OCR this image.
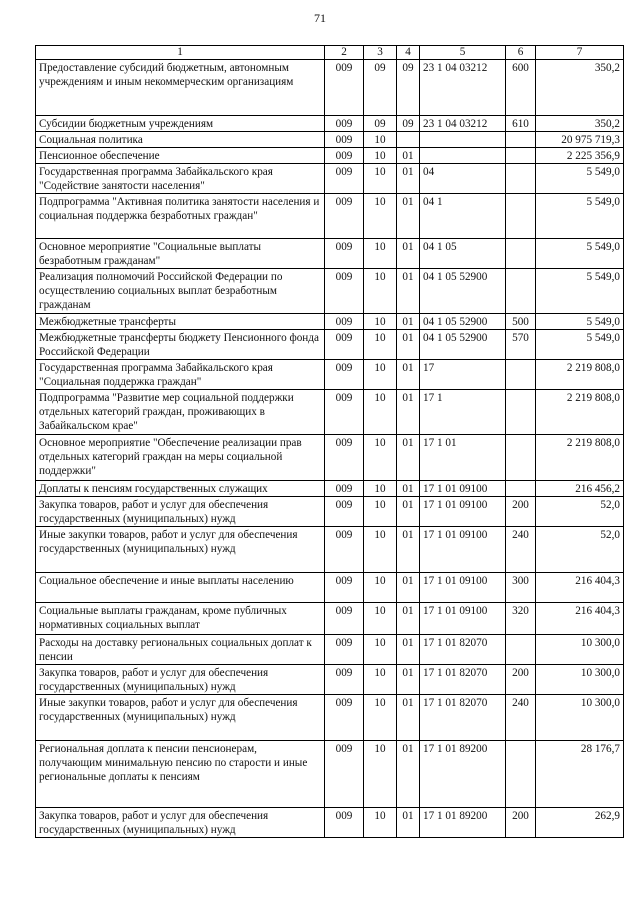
71
1	2	3	4	5	6	7
Предоставление субсидий бюджетным, автономным учреждениям и иным некоммерческим организациям	009	09	09	23 1 04 03212	600	350,2
Субсидии бюджетным учреждениям	009	09	09	23 1 04 03212	610	350,2
Социальная политика	009	10				20 975 719,3
Пенсионное обеспечение	009	10	01			2 225 356,9
Государственная программа Забайкальского края "Содействие занятости населения"	009	10	01	04		5 549,0
Подпрограмма "Активная политика занятости населения и социальная поддержка безработных граждан"	009	10	01	04 1		5 549,0
Основное мероприятие "Социальные выплаты безработным гражданам"	009	10	01	04 1 05		5 549,0
Реализация полномочий Российской Федерации по осуществлению социальных выплат безработным гражданам	009	10	01	04 1 05 52900		5 549,0
Межбюджетные трансферты	009	10	01	04 1 05 52900	500	5 549,0
Межбюджетные трансферты бюджету Пенсионного фонда Российской Федерации	009	10	01	04 1 05 52900	570	5 549,0
Государственная программа Забайкальского края "Социальная поддержка граждан"	009	10	01	17		2 219 808,0
Подпрограмма "Развитие мер социальной поддержки отдельных категорий граждан, проживающих в Забайкальском крае"	009	10	01	17 1		2 219 808,0
Основное мероприятие "Обеспечение реализации прав отдельных категорий граждан на меры социальной поддержки"	009	10	01	17 1 01		2 219 808,0
Доплаты к пенсиям государственных служащих	009	10	01	17 1 01 09100		216 456,2
Закупка товаров, работ и услуг для обеспечения государственных (муниципальных) нужд	009	10	01	17 1 01 09100	200	52,0
Иные закупки товаров, работ и услуг для обеспечения государственных (муниципальных) нужд	009	10	01	17 1 01 09100	240	52,0
Социальное обеспечение и иные выплаты населению	009	10	01	17 1 01 09100	300	216 404,3
Социальные выплаты гражданам, кроме публичных нормативных социальных выплат	009	10	01	17 1 01 09100	320	216 404,3
Расходы на доставку региональных социальных доплат к пенсии	009	10	01	17 1 01 82070		10 300,0
Закупка товаров, работ и услуг для обеспечения государственных (муниципальных) нужд	009	10	01	17 1 01 82070	200	10 300,0
Иные закупки товаров, работ и услуг для обеспечения государственных (муниципальных) нужд	009	10	01	17 1 01 82070	240	10 300,0
Региональная доплата к пенсии пенсионерам, получающим минимальную пенсию по старости и иные региональные доплаты к пенсиям	009	10	01	17 1 01 89200		28 176,7
Закупка товаров, работ и услуг для обеспечения государственных (муниципальных) нужд	009	10	01	17 1 01 89200	200	262,9
